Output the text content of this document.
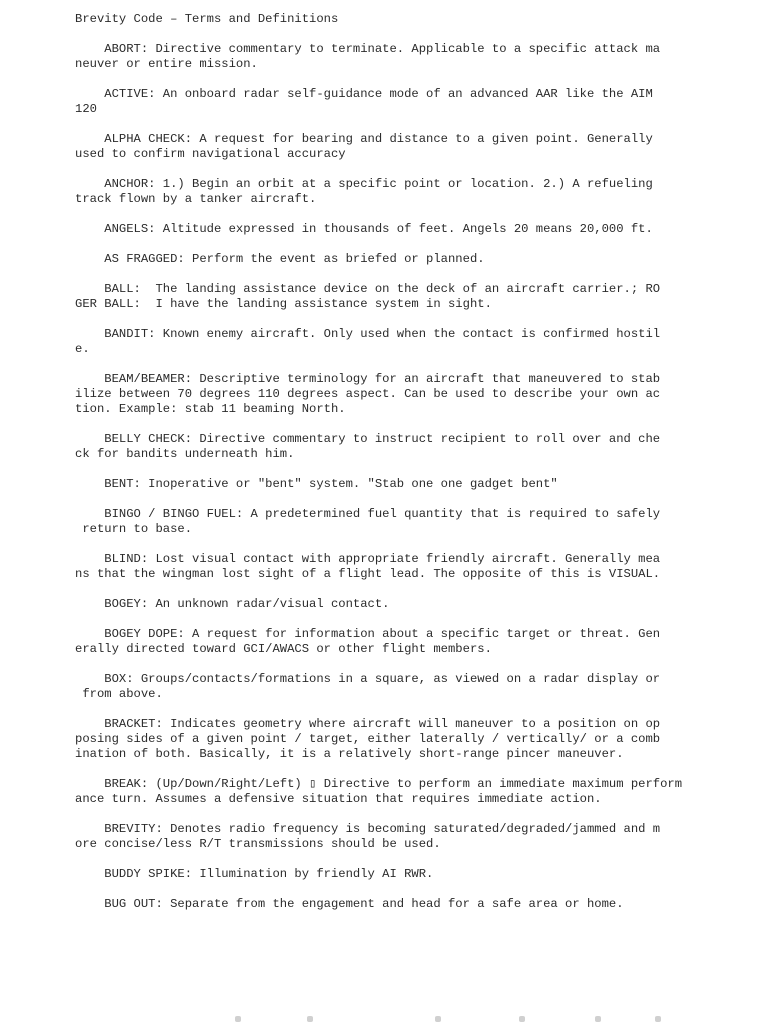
Brevity Code – Terms and Definitions
ABORT: Directive commentary to terminate. Applicable to a specific attack ma
neuver or entire mission.
ACTIVE: An onboard radar self-guidance mode of an advanced AAR like the AIM
120
ALPHA CHECK: A request for bearing and distance to a given point. Generally
used to confirm navigational accuracy
ANCHOR: 1.) Begin an orbit at a specific point or location. 2.) A refueling
track flown by a tanker aircraft.
ANGELS: Altitude expressed in thousands of feet. Angels 20 means 20,000 ft.
AS FRAGGED: Perform the event as briefed or planned.
BALL:  The landing assistance device on the deck of an aircraft carrier.; RO
GER BALL:  I have the landing assistance system in sight.
BANDIT: Known enemy aircraft. Only used when the contact is confirmed hostil
e.
BEAM/BEAMER: Descriptive terminology for an aircraft that maneuvered to stab
ilize between 70 degrees 110 degrees aspect. Can be used to describe your own ac
tion. Example: stab 11 beaming North.
BELLY CHECK: Directive commentary to instruct recipient to roll over and che
ck for bandits underneath him.
BENT: Inoperative or "bent" system. "Stab one one gadget bent"
BINGO / BINGO FUEL: A predetermined fuel quantity that is required to safely
return to base.
BLIND: Lost visual contact with appropriate friendly aircraft. Generally mea
ns that the wingman lost sight of a flight lead. The opposite of this is VISUAL.
BOGEY: An unknown radar/visual contact.
BOGEY DOPE: A request for information about a specific target or threat. Gen
erally directed toward GCI/AWACS or other flight members.
BOX: Groups/contacts/formations in a square, as viewed on a radar display or
from above.
BRACKET: Indicates geometry where aircraft will maneuver to a position on op
posing sides of a given point / target, either laterally / vertically/ or a comb
ination of both. Basically, it is a relatively short-range pincer maneuver.
BREAK: (Up/Down/Right/Left) ▯ Directive to perform an immediate maximum perform
ance turn. Assumes a defensive situation that requires immediate action.
BREVITY: Denotes radio frequency is becoming saturated/degraded/jammed and m
ore concise/less R/T transmissions should be used.
BUDDY SPIKE: Illumination by friendly AI RWR.
BUG OUT: Separate from the engagement and head for a safe area or home.
